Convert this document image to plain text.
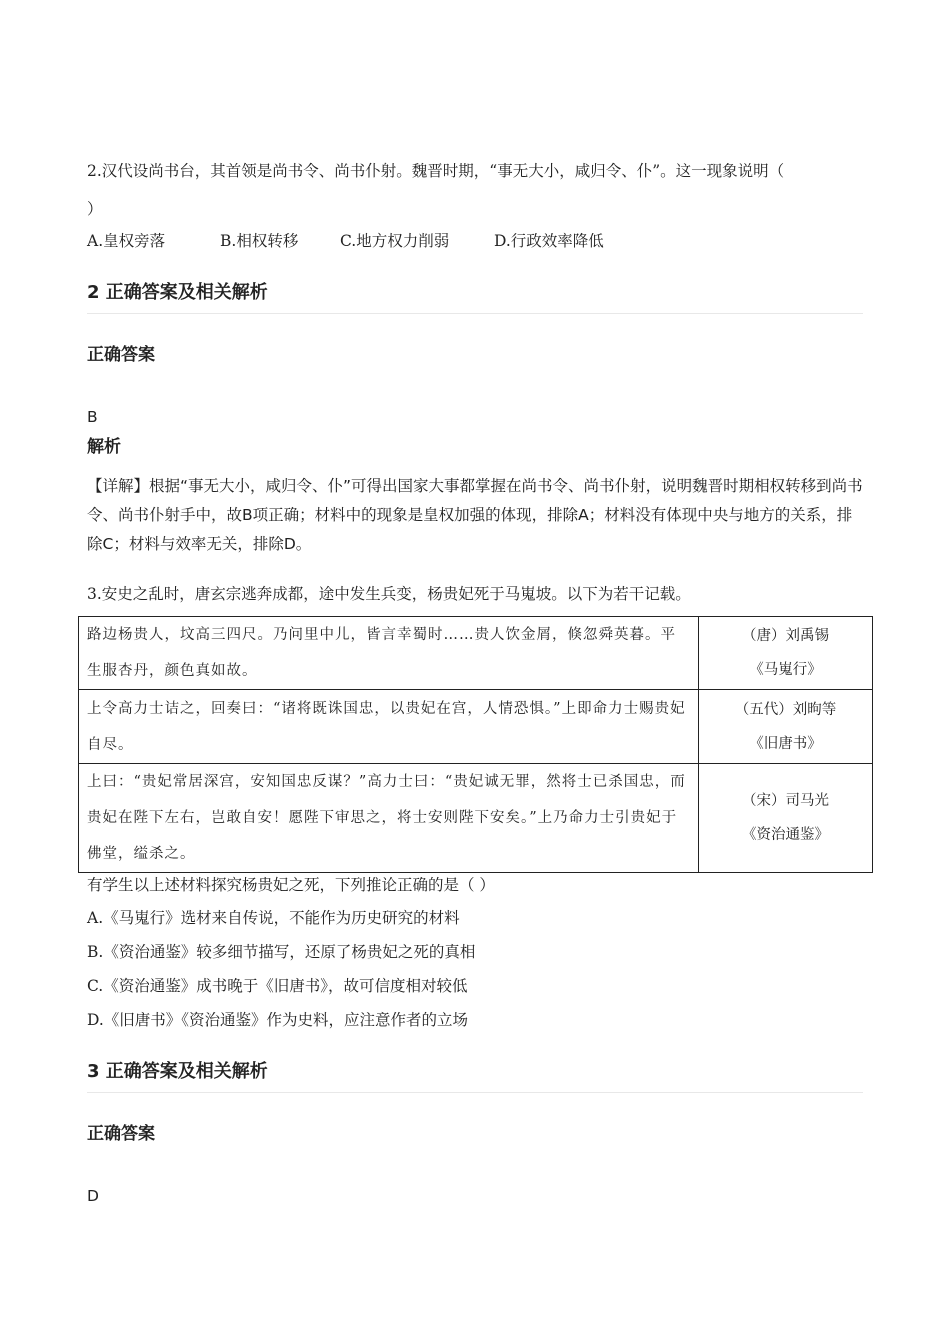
2.汉代设尚书台，其首领是尚书令、尚书仆射。魏晋时期，“事无大小，咸归令、仆”。这一现象说明（
）
A.皇权旁落	B.相权转移	C.地方权力削弱	D.行政效率降低
2 正确答案及相关解析
正确答案
B
解析
【详解】根据“事无大小，咸归令、仆”可得出国家大事都掌握在尚书令、尚书仆射，说明魏晋时期相权转移到尚书令、尚书仆射手中，故B项正确；材料中的现象是皇权加强的体现，排除A；材料没有体现中央与地方的关系，排除C；材料与效率无关，排除D。
3.安史之乱时，唐玄宗逃奔成都，途中发生兵变，杨贵妃死于马嵬坡。以下为若干记载。
路边杨贵人，坟高三四尺。乃问里中儿，皆言幸蜀时……贵人饮金屑，倏忽舜英暮。平生服杏丹，颜色真如故。	（唐）刘禹锡
《马嵬行》

上令高力士诘之，回奏曰：“诸将既诛国忠，以贵妃在宫，人情恐惧。”上即命力士赐贵妃自尽。	（五代）刘昫等
《旧唐书》

上曰：“贵妃常居深宫，安知国忠反谋？”高力士曰：“贵妃诚无罪，然将士已杀国忠，而贵妃在陛下左右，岂敢自安！愿陛下审思之，将士安则陛下安矣。”上乃命力士引贵妃于佛堂，缢杀之。	（宋）司马光
《资治通鉴》
有学生以上述材料探究杨贵妃之死，下列推论正确的是（ ）
A.《马嵬行》选材来自传说，不能作为历史研究的材料
B.《资治通鉴》较多细节描写，还原了杨贵妃之死的真相
C.《资治通鉴》成书晚于《旧唐书》，故可信度相对较低
D.《旧唐书》《资治通鉴》作为史料，应注意作者的立场
3 正确答案及相关解析
正确答案
D
